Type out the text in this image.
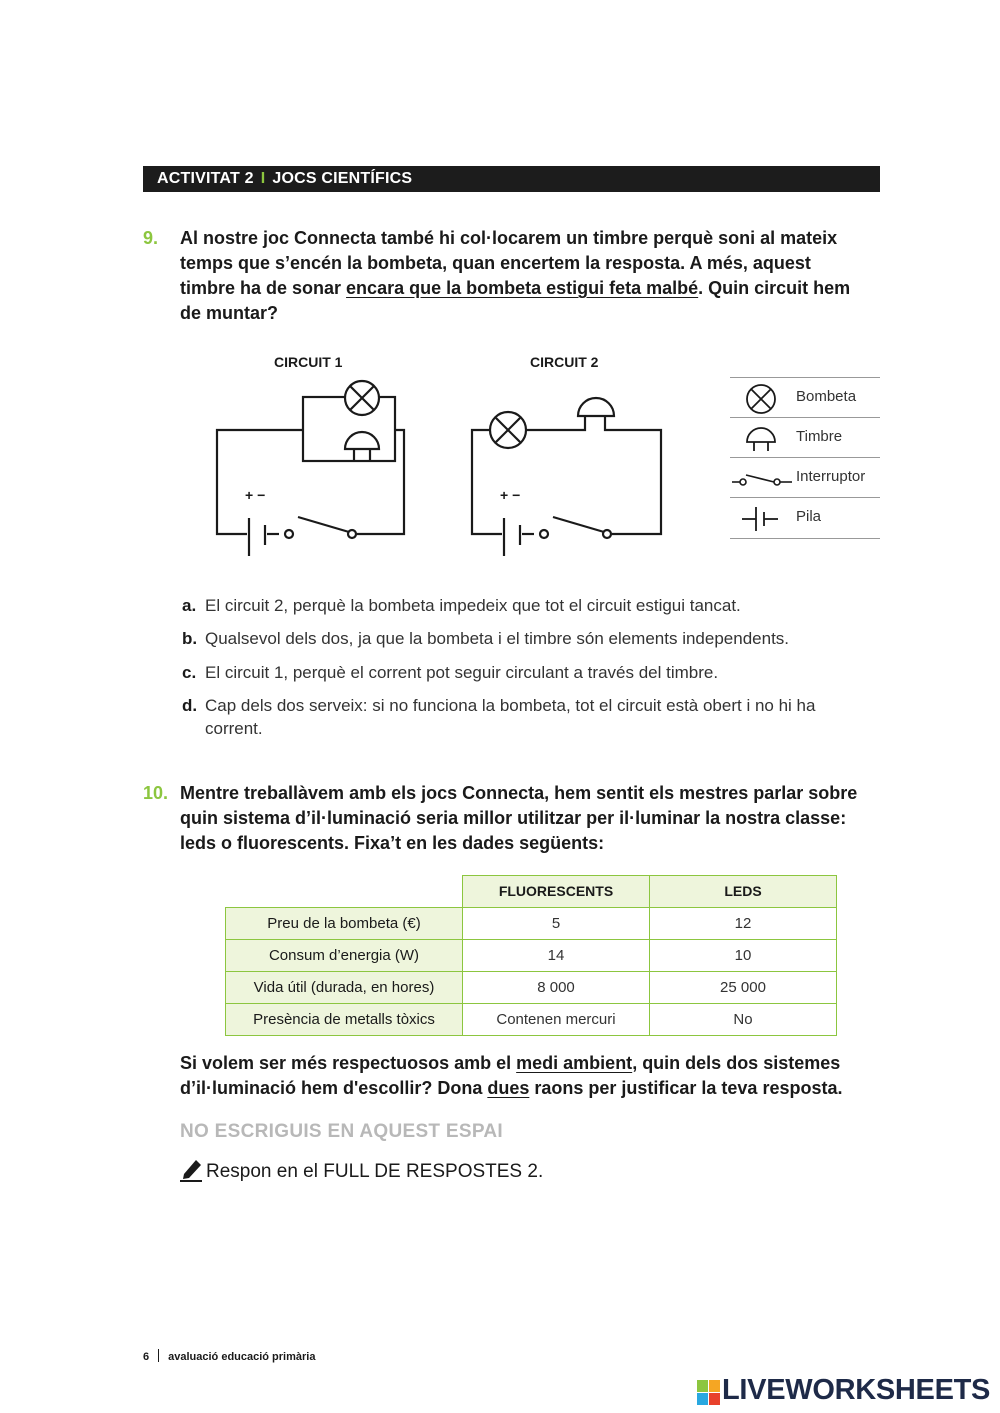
ACTIVITAT 2 I JOCS CIENTÍFICS
9. Al nostre joc Connecta també hi col·locarem un timbre perquè soni al mateix
temps que s’encén la bombeta, quan encertem la resposta. A més, aquest
timbre ha de sonar encara que la bombeta estigui feta malbé. Quin circuit hem
de muntar?
CIRCUIT 1	CIRCUIT 2
+ −	+ −
Bombeta
Timbre
Interruptor
Pila
a. El circuit 2, perquè la bombeta impedeix que tot el circuit estigui tancat.
b. Qualsevol dels dos, ja que la bombeta i el timbre són elements independents.
c. El circuit 1, perquè el corrent pot seguir circulant a través del timbre.
d. Cap dels dos serveix: si no funciona la bombeta, tot el circuit està obert i no hi ha corrent.
10. Mentre treballàvem amb els jocs Connecta, hem sentit els mestres parlar sobre
quin sistema d’il·luminació seria millor utilitzar per il·luminar la nostra classe:
leds o fluorescents. Fixa’t en les dades següents:
	FLUORESCENTS	LEDS
Preu de la bombeta (€)	5	12
Consum d’energia (W)	14	10
Vida útil (durada, en hores)	8 000	25 000
Presència de metalls tòxics	Contenen mercuri	No
Si volem ser més respectuosos amb el medi ambient, quin dels dos sistemes
d’il·luminació hem d'escollir? Dona dues raons per justificar la teva resposta.
NO ESCRIGUIS EN AQUEST ESPAI
Respon en el FULL DE RESPOSTES 2.
6 avaluació educació primària
LIVEWORKSHEETS
